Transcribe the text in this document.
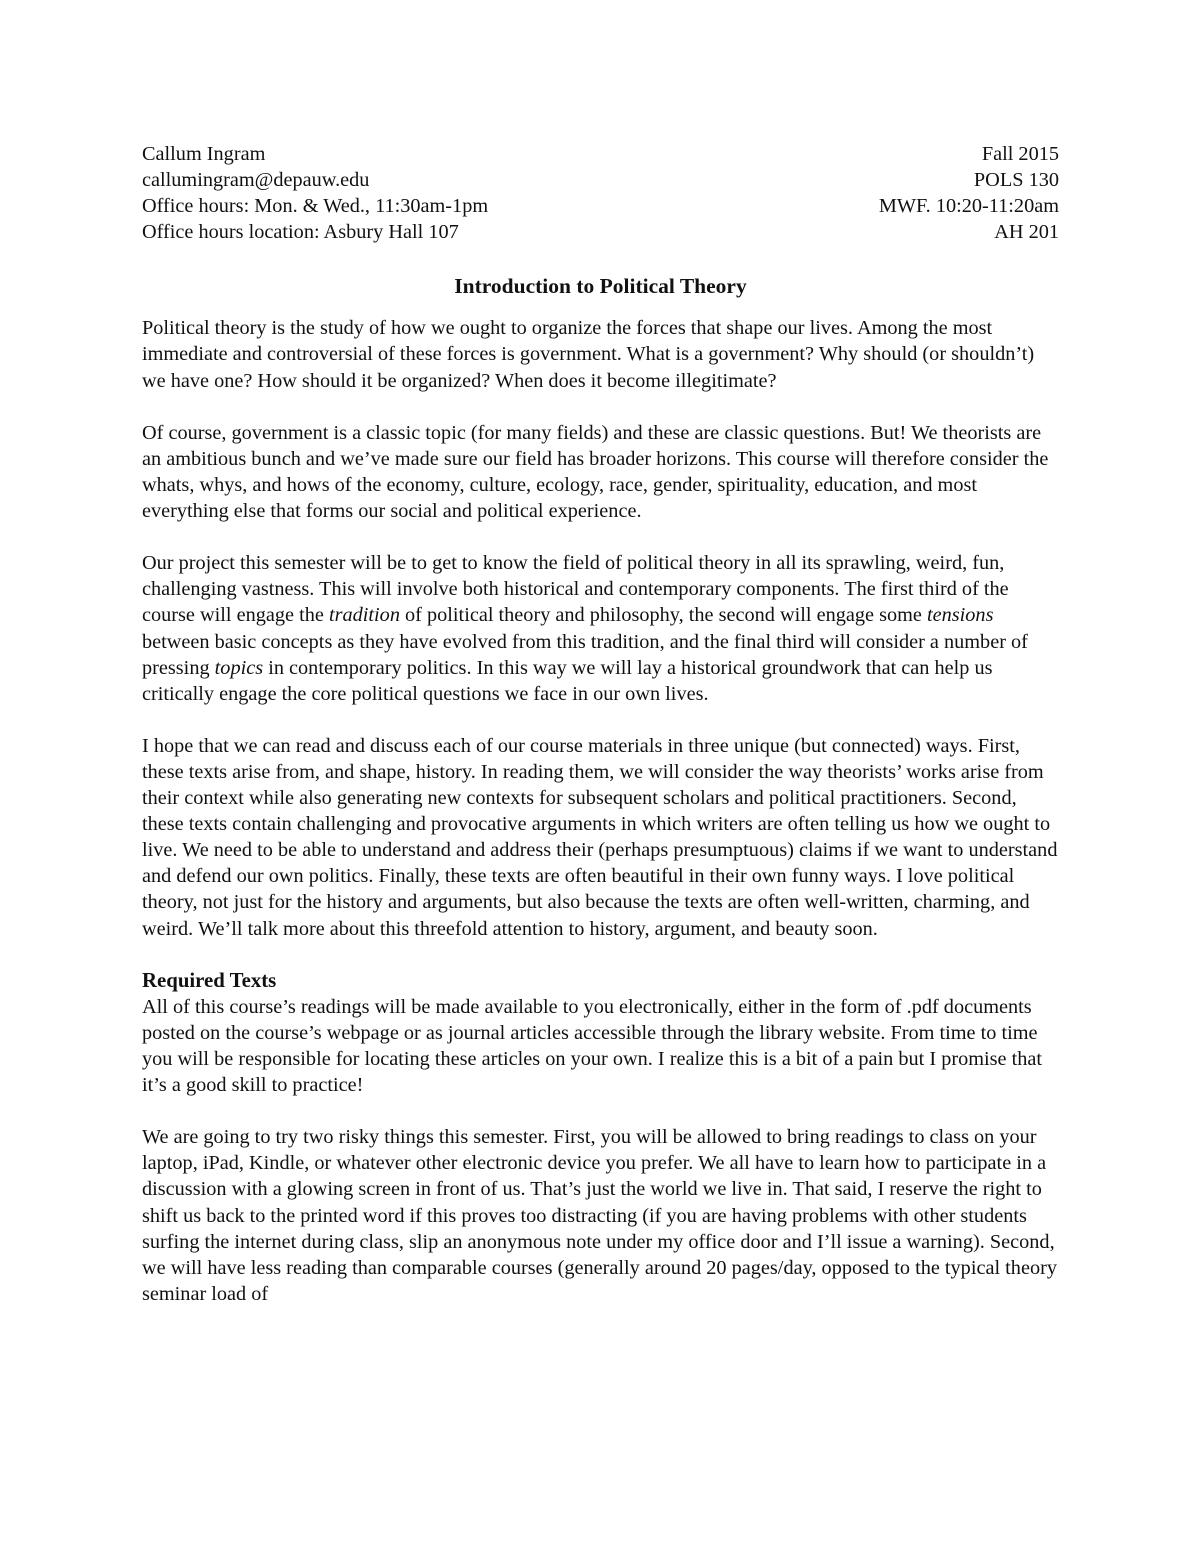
Callum Ingram
callumingram@depauw.edu
Office hours: Mon. & Wed., 11:30am-1pm
Office hours location: Asbury Hall 107
Fall 2015
POLS 130
MWF. 10:20-11:20am
AH 201
Introduction to Political Theory

Political theory is the study of how we ought to organize the forces that shape our lives. Among the most immediate and controversial of these forces is government. What is a government? Why should (or shouldn’t) we have one? How should it be organized? When does it become illegitimate?

Of course, government is a classic topic (for many fields) and these are classic questions. But! We theorists are an ambitious bunch and we’ve made sure our field has broader horizons. This course will therefore consider the whats, whys, and hows of the economy, culture, ecology, race, gender, spirituality, education, and most everything else that forms our social and political experience.

Our project this semester will be to get to know the field of political theory in all its sprawling, weird, fun, challenging vastness. This will involve both historical and contemporary components. The first third of the course will engage the tradition of political theory and philosophy, the second will engage some tensions between basic concepts as they have evolved from this tradition, and the final third will consider a number of pressing topics in contemporary politics. In this way we will lay a historical groundwork that can help us critically engage the core political questions we face in our own lives.

I hope that we can read and discuss each of our course materials in three unique (but connected) ways. First, these texts arise from, and shape, history. In reading them, we will consider the way theorists’ works arise from their context while also generating new contexts for subsequent scholars and political practitioners. Second, these texts contain challenging and provocative arguments in which writers are often telling us how we ought to live. We need to be able to understand and address their (perhaps presumptuous) claims if we want to understand and defend our own politics. Finally, these texts are often beautiful in their own funny ways. I love political theory, not just for the history and arguments, but also because the texts are often well-written, charming, and weird. We’ll talk more about this threefold attention to history, argument, and beauty soon.

Required Texts

All of this course’s readings will be made available to you electronically, either in the form of .pdf documents posted on the course’s webpage or as journal articles accessible through the library website. From time to time you will be responsible for locating these articles on your own. I realize this is a bit of a pain but I promise that it’s a good skill to practice!

We are going to try two risky things this semester. First, you will be allowed to bring readings to class on your laptop, iPad, Kindle, or whatever other electronic device you prefer. We all have to learn how to participate in a discussion with a glowing screen in front of us. That’s just the world we live in. That said, I reserve the right to shift us back to the printed word if this proves too distracting (if you are having problems with other students surfing the internet during class, slip an anonymous note under my office door and I’ll issue a warning). Second, we will have less reading than comparable courses (generally around 20 pages/day, opposed to the typical theory seminar load of
